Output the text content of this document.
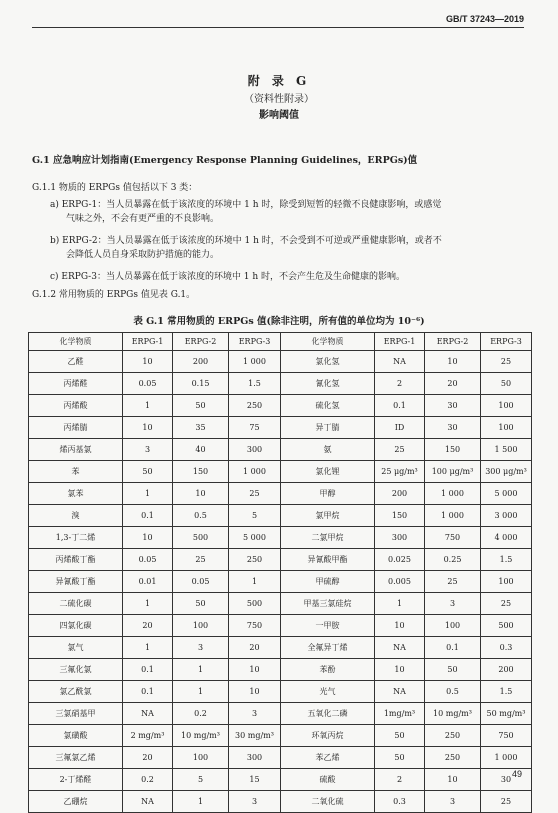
GB/T 37243—2019
附 录 G
（资料性附录）
影响阈值
G.1 应急响应计划指南(Emergency Response Planning Guidelines，ERPGs)值
G.1.1 物质的 ERPGs 值包括以下 3 类：
a) ERPG-1：当人员暴露在低于该浓度的环境中 1 h 时，除受到短暂的轻微不良健康影响，或感觉
气味之外，不会有更严重的不良影响。
b) ERPG-2：当人员暴露在低于该浓度的环境中 1 h 时，不会受到不可逆或严重健康影响，或者不
会降低人员自身采取防护措施的能力。
c) ERPG-3：当人员暴露在低于该浓度的环境中 1 h 时，不会产生危及生命健康的影响。
G.1.2 常用物质的 ERPGs 值见表 G.1。
表 G.1 常用物质的 ERPGs 值(除非注明，所有值的单位均为 10⁻⁶)
化学物质	ERPG-1	ERPG-2	ERPG-3	化学物质	ERPG-1	ERPG-2	ERPG-3
乙醛	10	200	1 000	氯化氢	NA	10	25
丙烯醛	0.05	0.15	1.5	氰化氢	2	20	50
丙烯酸	1	50	250	硫化氢	0.1	30	100
丙烯腈	10	35	75	异丁腈	ID	30	100
烯丙基氯	3	40	300	氨	25	150	1 500
苯	50	150	1 000	氯化锂	25 μg/m³	100 μg/m³	300 μg/m³
氯苯	1	10	25	甲醇	200	1 000	5 000
溴	0.1	0.5	5	氯甲烷	150	1 000	3 000
1,3-丁二烯	10	500	5 000	二氯甲烷	300	750	4 000
丙烯酸丁酯	0.05	25	250	异氰酸甲酯	0.025	0.25	1.5
异氰酸丁酯	0.01	0.05	1	甲硫醇	0.005	25	100
二硫化碳	1	50	500	甲基三氯硅烷	1	3	25
四氯化碳	20	100	750	一甲胺	10	100	500
氯气	1	3	20	全氟异丁烯	NA	0.1	0.3
三氟化氯	0.1	1	10	苯酚	10	50	200
氯乙酰氯	0.1	1	10	光气	NA	0.5	1.5
三氯硝基甲	NA	0.2	3	五氧化二磷	1mg/m³	10 mg/m³	50 mg/m³
氯磺酸	2 mg/m³	10 mg/m³	30 mg/m³	环氧丙烷	50	250	750
三氟氯乙烯	20	100	300	苯乙烯	50	250	1 000
2-丁烯醛	0.2	5	15	硫酸	2	10	30
乙硼烷	NA	1	3	二氧化硫	0.3	3	25
49
